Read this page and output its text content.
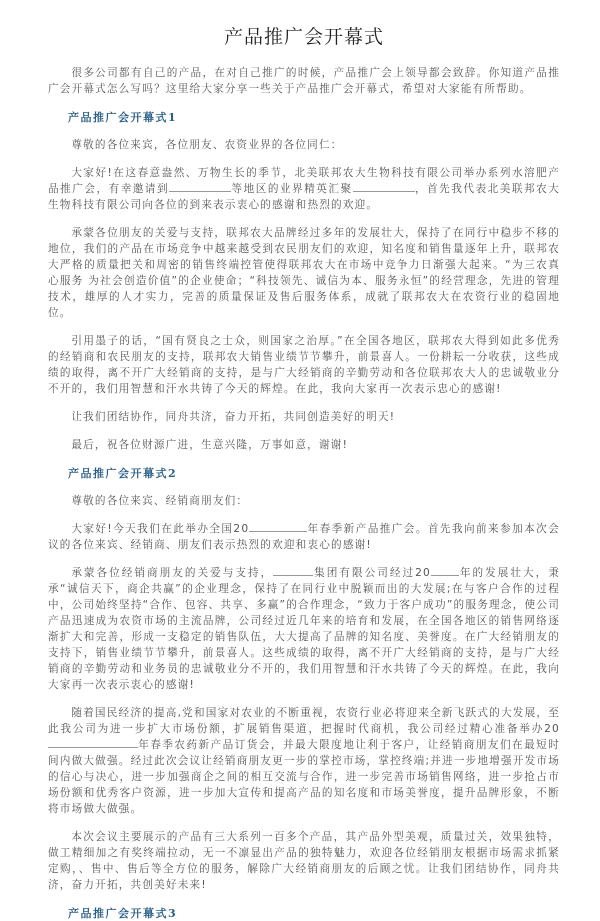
产品推广会开幕式

很多公司都有自己的产品，在对自己推广的时候，产品推广会上领导都会致辞。你知道产品推广会开幕式怎么写吗？这里给大家分享一些关于产品推广会开幕式，希望对大家能有所帮助。

产品推广会开幕式1

尊敬的各位来宾，各位朋友、农资业界的各位同仁：

大家好!在这春意盎然、万物生长的季节，北美联邦农大生物科技有限公司举办系列水溶肥产品推广会，有幸邀请到	等地区的业界精英汇聚	，首先我代表北美联邦农大生物科技有限公司向各位的到来表示衷心的感谢和热烈的欢迎。

承蒙各位朋友的关爱与支持，联邦农大品牌经过多年的发展壮大，保持了在同行中稳步不移的地位，我们的产品在市场竞争中越来越受到农民朋友们的欢迎，知名度和销售量逐年上升，联邦农大严格的质量把关和周密的销售终端控管使得联邦农大在市场中竞争力日渐强大起来。“为三农真心服务 为社会创造价值”的企业使命；“科技领先、诚信为本、服务永恒”的经营理念，先进的管理技术，雄厚的人才实力，完善的质量保证及售后服务体系，成就了联邦农大在农资行业的稳固地位。

引用墨子的话，“国有贤良之士众，则国家之治厚。”在全国各地区，联邦农大得到如此多优秀的经销商和农民朋友的支持，联邦农大销售业绩节节攀升，前景喜人。一份耕耘一分收获，这些成绩的取得，离不开广大经销商的支持，是与广大经销商的辛勤劳动和各位联邦农大人的忠诚敬业分不开的，我们用智慧和汗水共铸了今天的辉煌。在此，我向大家再一次表示忠心的感谢!

让我们团结协作，同舟共济，奋力开拓，共同创造美好的明天!

最后，祝各位财源广进，生意兴隆，万事如意，谢谢!

产品推广会开幕式2

尊敬的各位来宾、经销商朋友们：

大家好!今天我们在此举办全国20	年春季新产品推广会。首先我向前来参加本次会议的各位来宾、经销商、朋友们表示热烈的欢迎和衷心的感谢!

承蒙各位经销商朋友的关爱与支持，	集团有限公司经过20	年的发展壮大，秉承“诚信天下，商企共赢”的企业理念，保持了在同行业中脱颖而出的大发展;在与客户合作的过程中，公司始终坚持“合作、包容、共享、多赢”的合作理念，“致力于客户成功”的服务理念，使公司产品迅速成为农资市场的主流品牌，公司经过近几年来的培育和发展，在全国各地区的销售网络逐渐扩大和完善，形成一支稳定的销售队伍，大大提高了品牌的知名度、美誉度。在广大经销朋友的支持下，销售业绩节节攀升，前景喜人。这些成绩的取得，离不开广大经销商的支持，是与广大经销商的辛勤劳动和业务员的忠诚敬业分不开的，我们用智慧和汗水共铸了今天的辉煌。在此，我向大家再一次表示衷心的感谢!

随着国民经济的提高,党和国家对农业的不断重视，农资行业必将迎来全新飞跃式的大发展，至此我公司为进一步扩大市场份额，扩展销售渠道，把握时代商机，我公司经过精心准备举办20年春季农药新产品订货会，并最大限度地让利于客户，让经销商朋友们在最短时间内做大做强。经过此次会议让经销商朋友更一步的掌控市场，掌控终端;并进一步地增强开发市场的信心与决心，进一步加强商企之间的相互交流与合作，进一步完善市场销售网络，进一步抢占市场份额和优秀客户资源，进一步加大宣传和提高产品的知名度和市场美誉度，提升品牌形象，不断将市场做大做强。

本次会议主要展示的产品有三大系列一百多个产品，其产品外型美观，质量过关，效果独特，做工精细加之有奖终端拉动，无一不凛显出产品的独特魅力，欢迎各位经销朋友根据市场需求抓紧定购，、售中、售后等全方位的服务，解除广大经销商朋友的后顾之忧。让我们团结协作，同舟共济，奋力开拓，共创美好未来!

产品推广会开幕式3
